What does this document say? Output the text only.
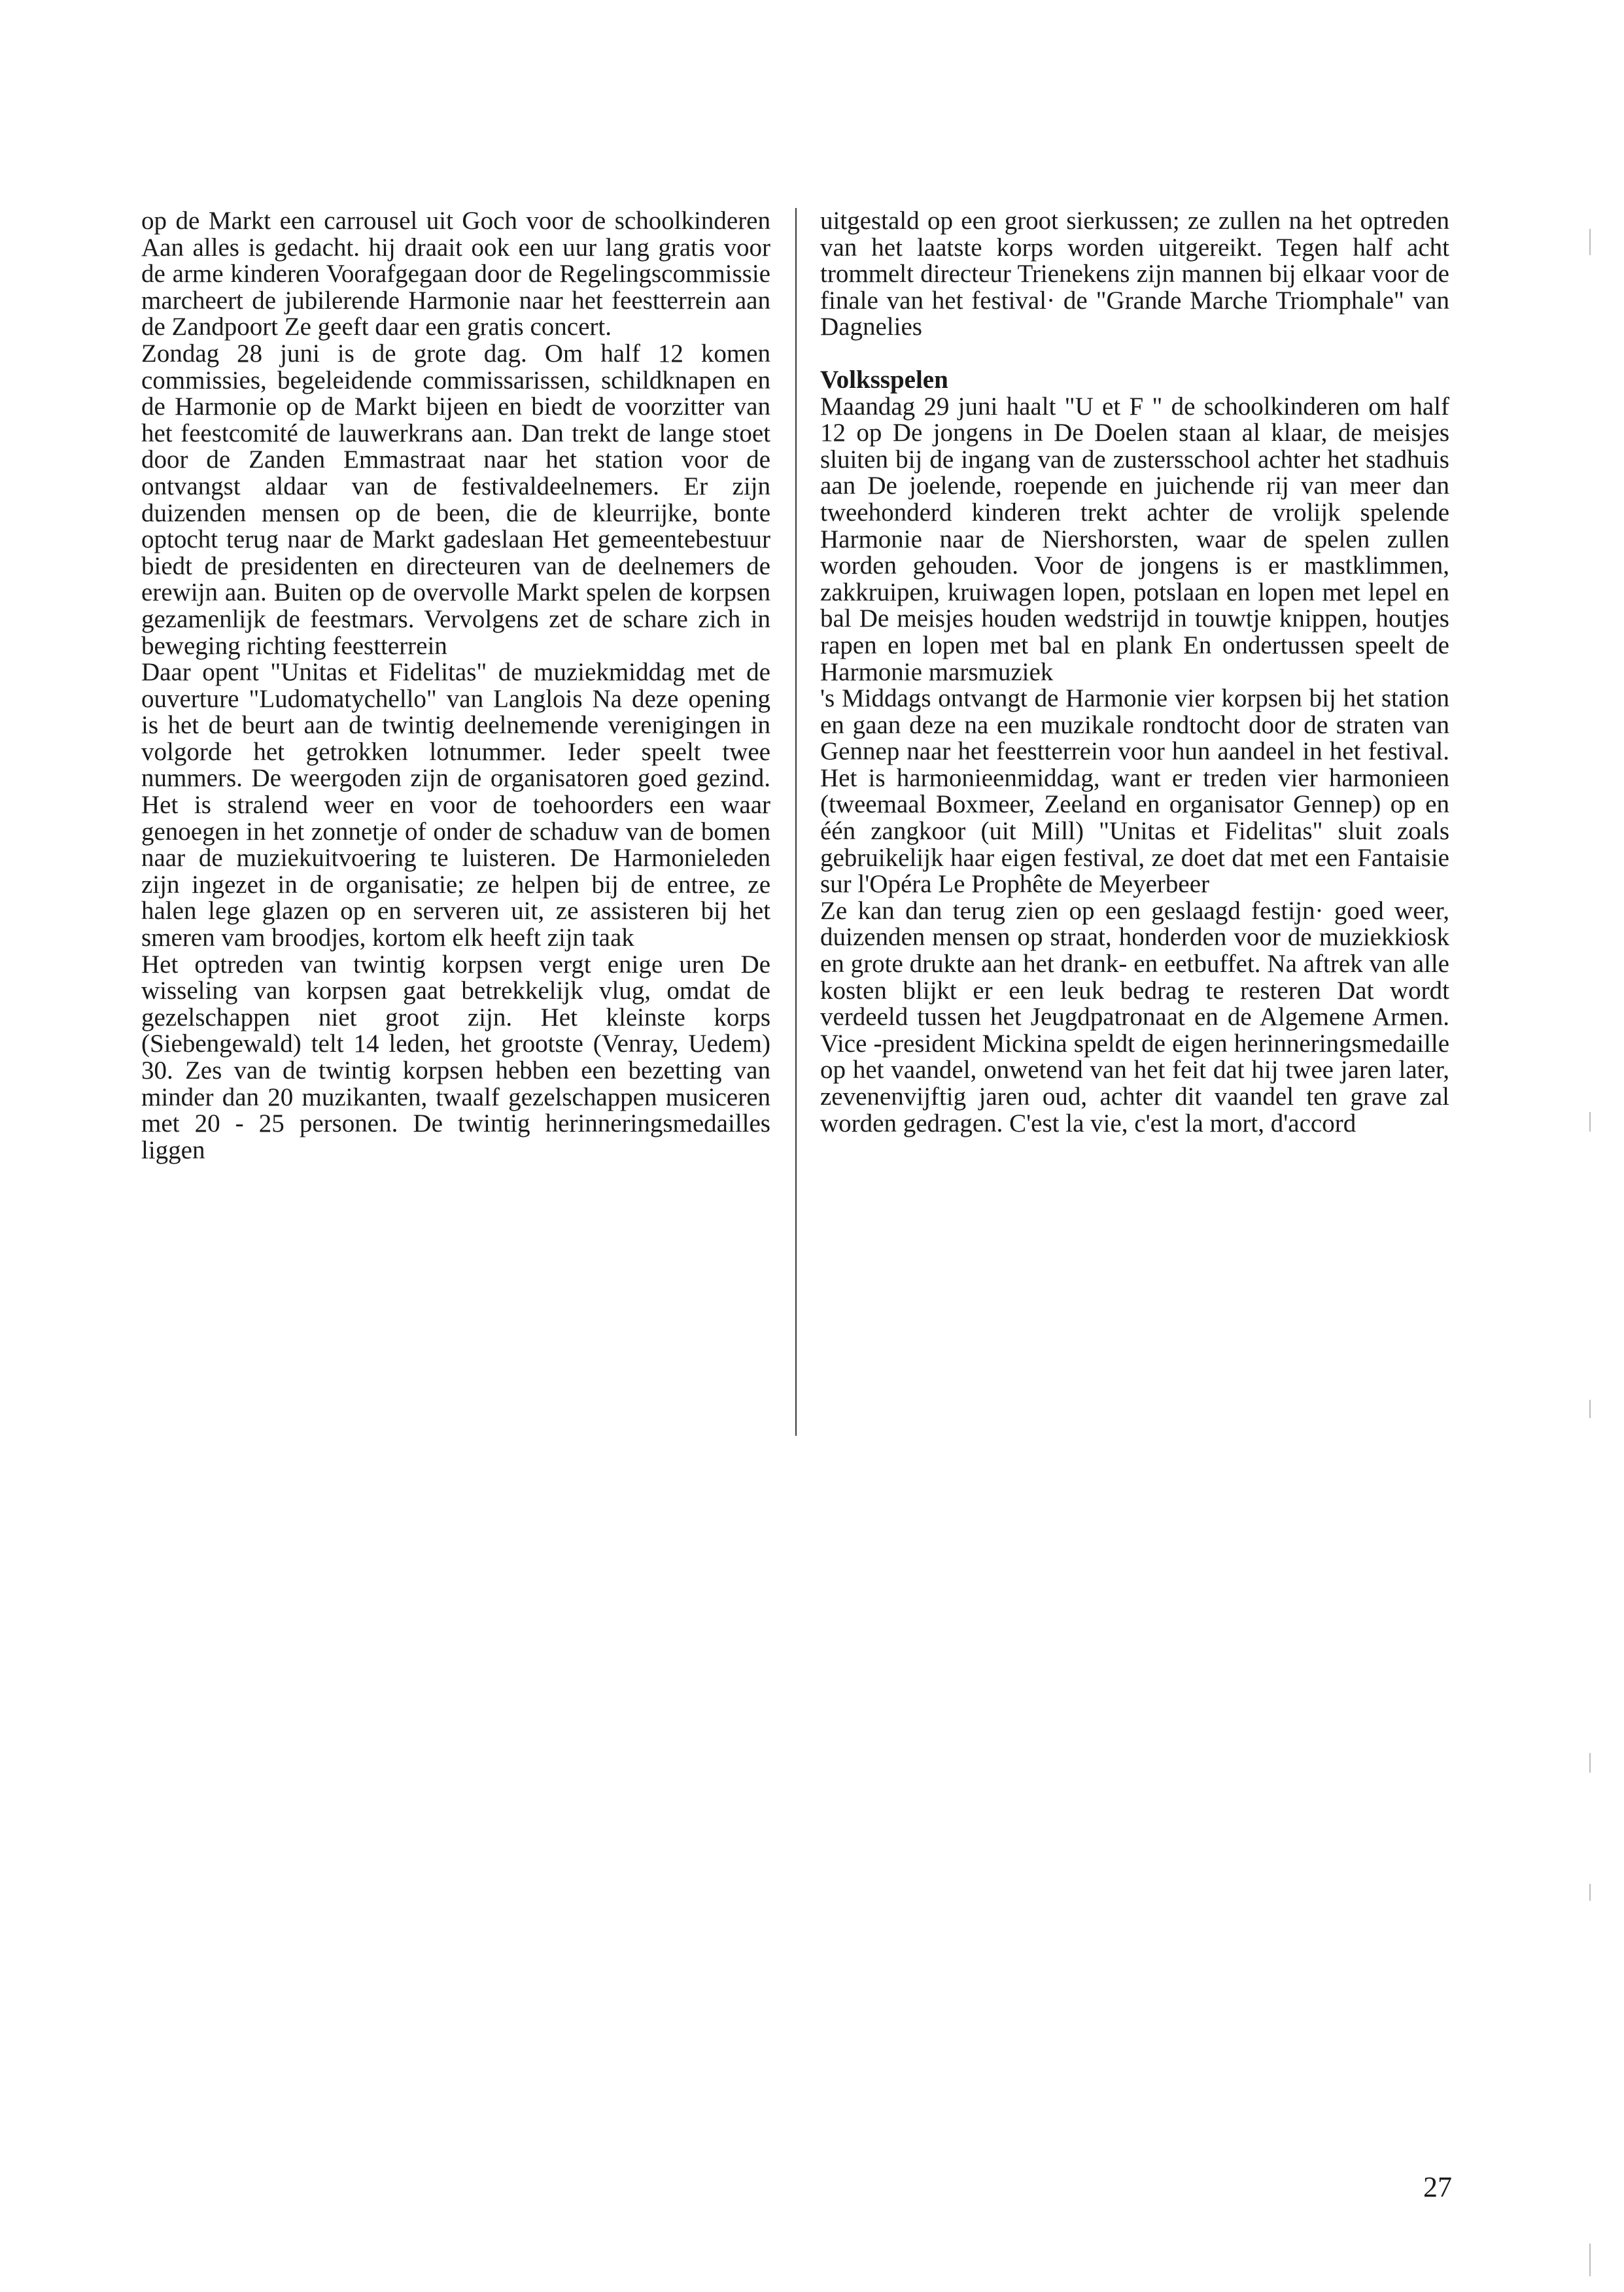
op de Markt een carrousel uit Goch voor de schoolkinderen Aan alles is gedacht. hij draait ook een uur lang gratis voor de arme kinderen Voorafgegaan door de Regelingscommissie marcheert de jubilerende Harmonie naar het feestterrein aan de Zandpoort Ze geeft daar een gratis concert.

Zondag 28 juni is de grote dag. Om half 12 komen commissies, begeleidende commissarissen, schildknapen en de Harmonie op de Markt bijeen en biedt de voorzitter van het feestcomité de lauwerkrans aan. Dan trekt de lange stoet door de Zanden Emmastraat naar het station voor de ontvangst aldaar van de festivaldeelnemers. Er zijn duizenden mensen op de been, die de kleurrijke, bonte optocht terug naar de Markt gadeslaan Het gemeentebestuur biedt de presidenten en directeuren van de deelnemers de erewijn aan. Buiten op de overvolle Markt spelen de korpsen gezamenlijk de feestmars. Vervolgens zet de schare zich in beweging richting feestterrein

Daar opent "Unitas et Fidelitas" de muziekmiddag met de ouverture "Ludomatychello" van Langlois Na deze opening is het de beurt aan de twintig deelnemende verenigingen in volgorde het getrokken lotnummer. Ieder speelt twee nummers. De weergoden zijn de organisatoren goed gezind. Het is stralend weer en voor de toehoorders een waar genoegen in het zonnetje of onder de schaduw van de bomen naar de muziekuitvoering te luisteren. De Harmonieleden zijn ingezet in de organisatie; ze helpen bij de entree, ze halen lege glazen op en serveren uit, ze assisteren bij het smeren vam broodjes, kortom elk heeft zijn taak

Het optreden van twintig korpsen vergt enige uren De wisseling van korpsen gaat betrekkelijk vlug, omdat de gezelschappen niet groot zijn. Het kleinste korps (Siebengewald) telt 14 leden, het grootste (Venray, Uedem) 30. Zes van de twintig korpsen hebben een bezetting van minder dan 20 muzikanten, twaalf gezelschappen musiceren met 20 - 25 personen. De twintig herinneringsmedailles liggen

uitgestald op een groot sierkussen; ze zullen na het optreden van het laatste korps worden uitgereikt. Tegen half acht trommelt directeur Trienekens zijn mannen bij elkaar voor de finale van het festival· de "Grande Marche Triomphale" van Dagnelies

Volksspelen

Maandag 29 juni haalt "U et F " de schoolkinderen om half 12 op De jongens in De Doelen staan al klaar, de meisjes sluiten bij de ingang van de zustersschool achter het stadhuis aan De joelende, roepende en juichende rij van meer dan tweehonderd kinderen trekt achter de vrolijk spelende Harmonie naar de Niershorsten, waar de spelen zullen worden gehouden. Voor de jongens is er mastklimmen, zakkruipen, kruiwagen lopen, potslaan en lopen met lepel en bal De meisjes houden wedstrijd in touwtje knippen, houtjes rapen en lopen met bal en plank En ondertussen speelt de Harmonie marsmuziek

's Middags ontvangt de Harmonie vier korpsen bij het station en gaan deze na een muzikale rondtocht door de straten van Gennep naar het feestterrein voor hun aandeel in het festival. Het is harmonieenmiddag, want er treden vier harmonieen (tweemaal Boxmeer, Zeeland en organisator Gennep) op en één zangkoor (uit Mill) "Unitas et Fidelitas" sluit zoals gebruikelijk haar eigen festival, ze doet dat met een Fantaisie sur l'Opéra Le Prophête de Meyerbeer

Ze kan dan terug zien op een geslaagd festijn· goed weer, duizenden mensen op straat, honderden voor de muziekkiosk en grote drukte aan het drank- en eetbuffet. Na aftrek van alle kosten blijkt er een leuk bedrag te resteren Dat wordt verdeeld tussen het Jeugdpatronaat en de Algemene Armen. Vice -president Mickina speldt de eigen herinneringsmedaille op het vaandel, onwetend van het feit dat hij twee jaren later, zevenenvijftig jaren oud, achter dit vaandel ten grave zal worden gedragen. C'est la vie, c'est la mort, d'accord

27
